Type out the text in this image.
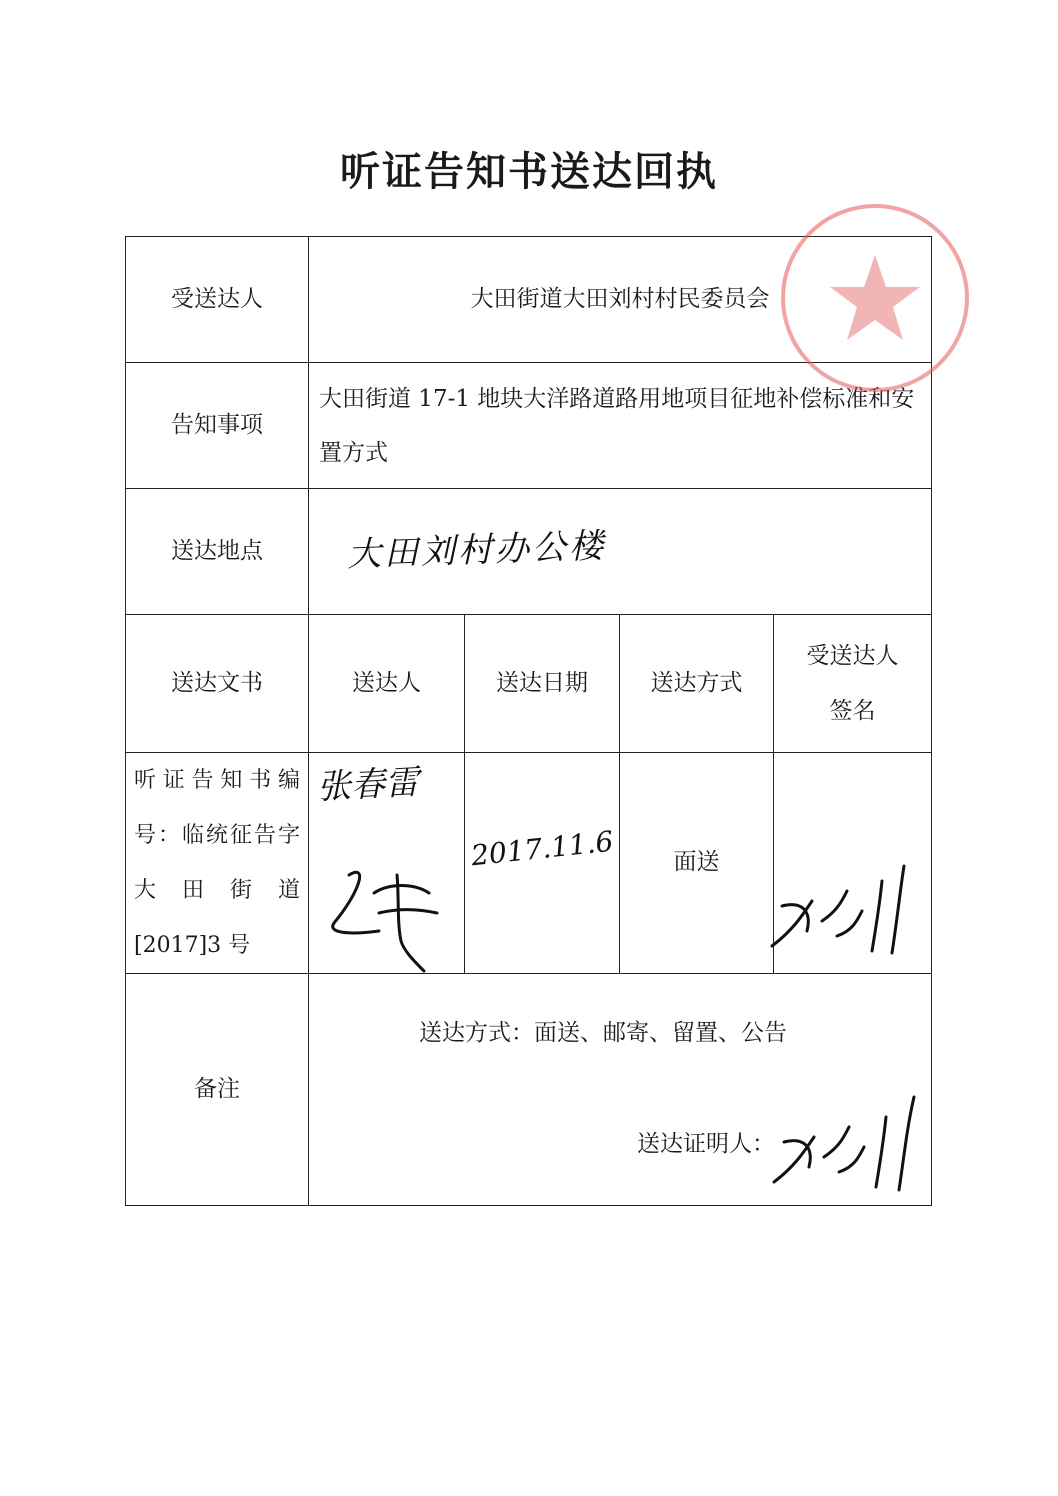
听证告知书送达回执
受送达人	大田街道大田刘村村民委员会			
告知事项	大田街道 17-1 地块大洋路道路用地项目征地补偿标准和安置方式			

送达地点	大田刘村办公楼			
送达文书	送达人	送达日期	送达方式	受送达人签名

听证告知书编号：临统征告字大田街道[2017]3 号	张春雷	2017.11.6	面送	

备注	送达方式：面送、邮寄、留置、公告
送达证明人：			
